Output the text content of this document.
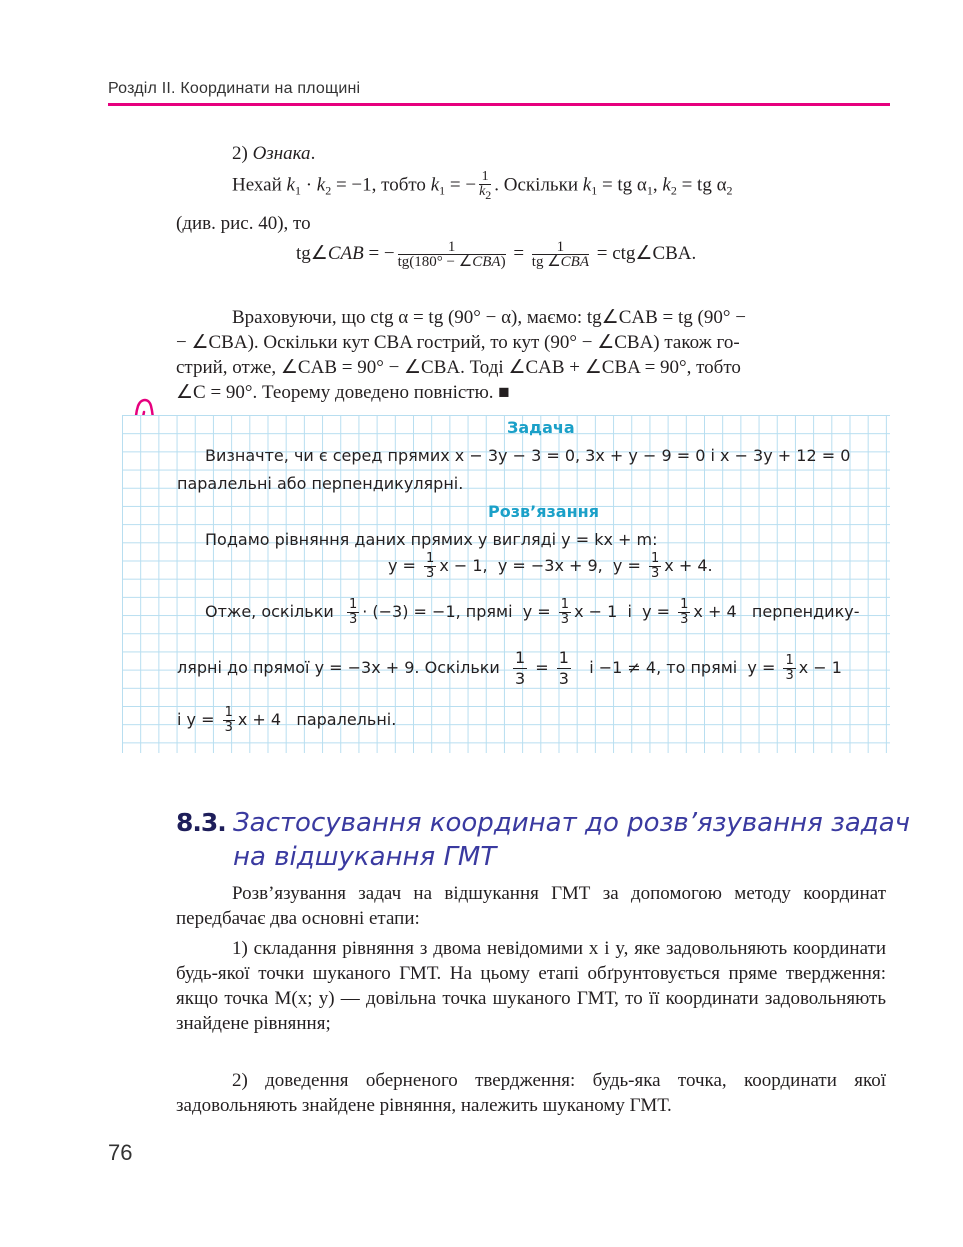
Розділ ІІ. Координати на площині
2) Ознака.
Нехай $k_1 \cdot k_2 = -1$, тобто $k_1$ = − $\frac{1}{k2}$ . Оскільки $k_1$ = tg $\alpha_1$, $k_2$ = tg $\alpha_2$
(див. рис. 40), то
tg∠CAB = − $\frac{1}{\text{tg(180° − ∠CBA)}} = \frac{1}{\text{tg ∠CBA}}$ = ctg∠CBA.
Враховуючи, що ctg α = tg (90° − α), маємо: tg∠CAB = tg (90° −
− ∠CBA). Оскільки кут CBA гострий, то кут (90° − ∠CBA) також го-
стрий, отже, ∠CAB = 90° − ∠CBA. Тоді ∠CAB + ∠CBA = 90°, тобто
∠C = 90°. Теорему доведено повністю. ■
Задача
Визначте, чи є серед прямих x − 3y − 3 = 0, 3x + y − 9 = 0 і x − 3y + 12 = 0
паралельні або перпендикулярні.
Розв’язання
Подамо рівняння даних прямих у вигляді y = kx + m:
$y = \frac{1}{3}$ x − 1,  y = −3x + 9,  $y = \frac{1}{3}$ x + 4.
Отже, оскільки $\frac{1}{3} \cdot (-3) = -1$, прямі  $y = \frac{1}{3}$ x − 1  і  $y = \frac{1}{3}$ x + 4   перпендику-
лярні до прямої y = −3x + 9. Оскільки $\frac{1}{3} = \frac{1}{3}$ і −1 ≠ 4, то прямі  $y = \frac{1}{3}$ x − 1
і $y = \frac{1}{3}$ x + 4   паралельні.
8.3. Застосування координат до розв’язування задач
на відшукання ГМТ
Розв’язування задач на відшукання ГМТ за допомогою методу координат передбачає два основні етапи:
1) складання рівняння з двома невідомими x і y, яке задовольняють координати будь-якої точки шуканого ГМТ. На цьому етапі обґрунтовується пряме твердження: якщо точка M(x; y) — довільна точка шуканого ГМТ, то її координати задовольняють знайдене рівняння;
2) доведення оберненого твердження: будь-яка точка, координати якої задовольняють знайдене рівняння, належить шуканому ГМТ.
76
